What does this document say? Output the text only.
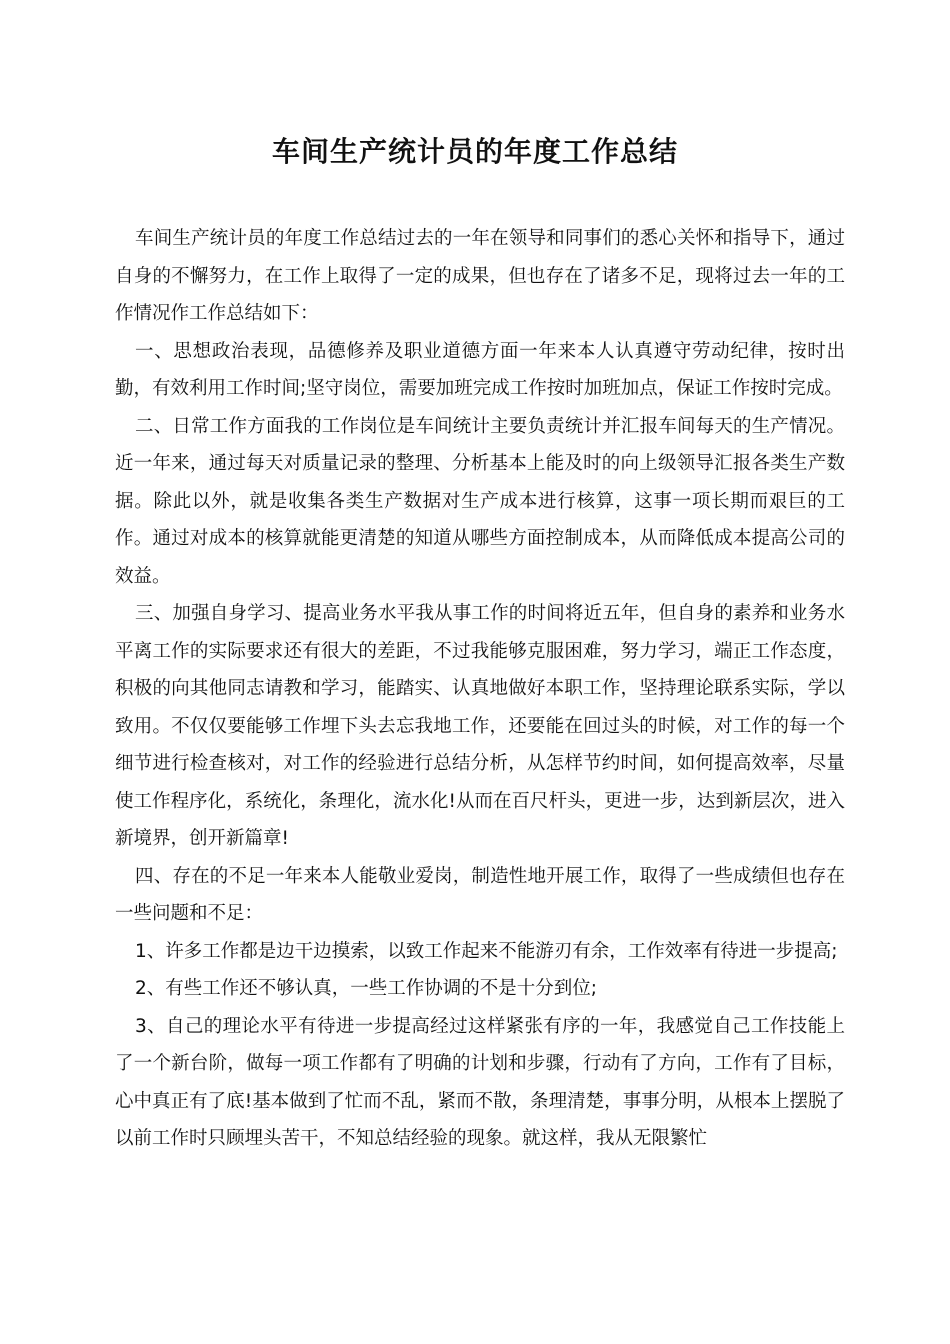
车间生产统计员的年度工作总结

车间生产统计员的年度工作总结过去的一年在领导和同事们的悉心关怀和指导下，通过自身的不懈努力，在工作上取得了一定的成果，但也存在了诸多不足，现将过去一年的工作情况作工作总结如下：

一、思想政治表现，品德修养及职业道德方面一年来本人认真遵守劳动纪律，按时出勤，有效利用工作时间;坚守岗位，需要加班完成工作按时加班加点，保证工作按时完成。

二、日常工作方面我的工作岗位是车间统计主要负责统计并汇报车间每天的生产情况。近一年来，通过每天对质量记录的整理、分析基本上能及时的向上级领导汇报各类生产数据。除此以外，就是收集各类生产数据对生产成本进行核算，这事一项长期而艰巨的工作。通过对成本的核算就能更清楚的知道从哪些方面控制成本，从而降低成本提高公司的效益。

三、加强自身学习、提高业务水平我从事工作的时间将近五年，但自身的素养和业务水平离工作的实际要求还有很大的差距，不过我能够克服困难，努力学习，端正工作态度，积极的向其他同志请教和学习，能踏实、认真地做好本职工作，坚持理论联系实际，学以致用。不仅仅要能够工作埋下头去忘我地工作，还要能在回过头的时候，对工作的每一个细节进行检查核对，对工作的经验进行总结分析，从怎样节约时间，如何提高效率，尽量使工作程序化，系统化，条理化，流水化!从而在百尺杆头，更进一步，达到新层次，进入新境界，创开新篇章!

四、存在的不足一年来本人能敬业爱岗，制造性地开展工作，取得了一些成绩但也存在一些问题和不足：

1、许多工作都是边干边摸索，以致工作起来不能游刃有余，工作效率有待进一步提高;

2、有些工作还不够认真，一些工作协调的不是十分到位;

3、自己的理论水平有待进一步提高经过这样紧张有序的一年，我感觉自己工作技能上了一个新台阶，做每一项工作都有了明确的计划和步骤，行动有了方向，工作有了目标，心中真正有了底!基本做到了忙而不乱，紧而不散，条理清楚，事事分明，从根本上摆脱了以前工作时只顾埋头苦干，不知总结经验的现象。就这样，我从无限繁忙
